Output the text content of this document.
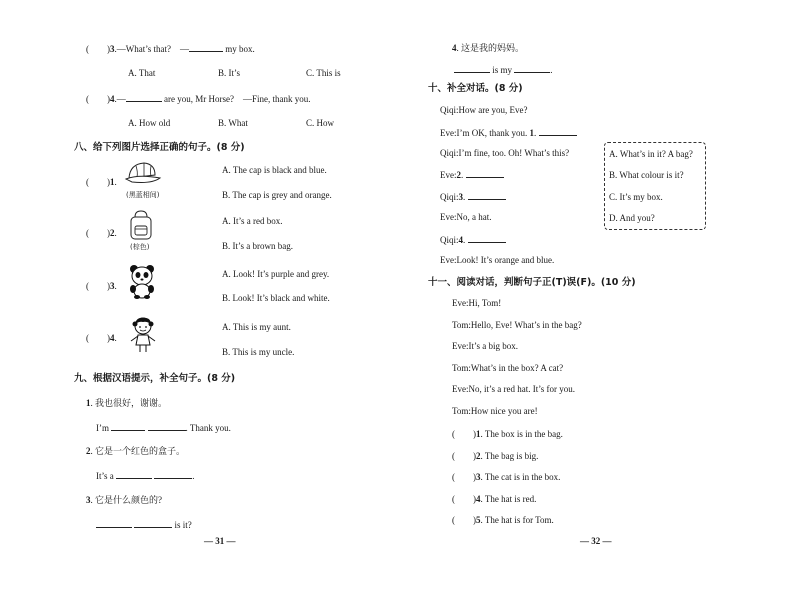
( )3.—What’s that?　—	my box.
A. That	B. It’s	C. This is
( )4.—	are you, Mr Horse?　—Fine, thank you.
A. How old	B. What	C. How
八、给下列图片选择正确的句子。(8 分)
( )1.
(黑蓝相间)
A. The cap is black and blue.
B. The cap is grey and orange.
( )2.
(棕色)
A. It’s a red box.
B. It’s a brown bag.
( )3.
A. Look! It’s purple and grey.
B. Look! It’s black and white.
( )4.
A. This is my aunt.
B. This is my uncle.
九、根据汉语提示，补全句子。(8 分)
1. 我也很好，谢谢。
I’m	. Thank you.
2. 它是一个红色的盒子。
It’s a	.
3. 它是什么颜色的?
is it?
— 31 —
4. 这是我的妈妈。
is my	.
十、补全对话。(8 分)
Qiqi:How are you, Eve?
Eve:I’m OK, thank you. 1.
Qiqi:I’m fine, too. Oh! What’s this?
Eve:2.
Qiqi:3.
Eve:No, a hat.
Qiqi:4.
Eve:Look! It’s orange and blue.
A. What’s in it? A bag?
B. What colour is it?
C. It’s my box.
D. And you?
十一、阅读对话，判断句子正(T)误(F)。(10 分)
Eve:Hi, Tom!
Tom:Hello, Eve! What’s in the bag?
Eve:It’s a big box.
Tom:What’s in the box? A cat?
Eve:No, it’s a red hat. It’s for you.
Tom:How nice you are!
( )1. The box is in the bag.
( )2. The bag is big.
( )3. The cat is in the box.
( )4. The hat is red.
( )5. The hat is for Tom.
— 32 —
